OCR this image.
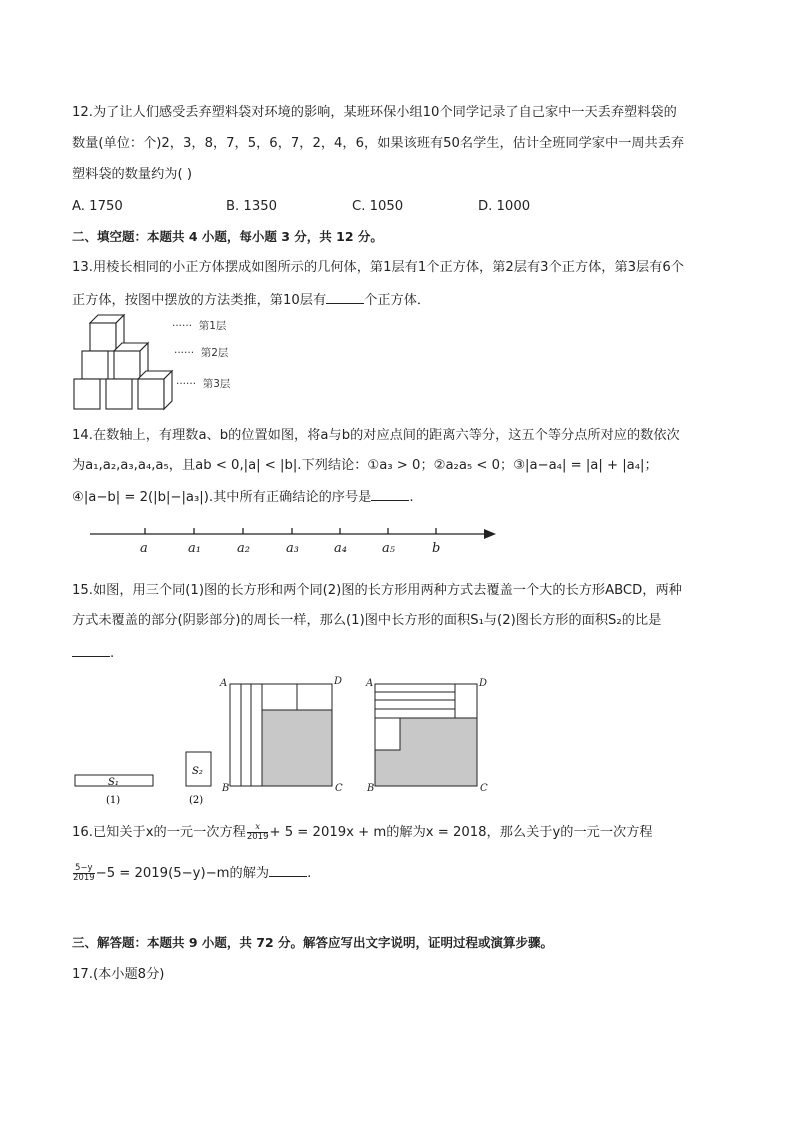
12.为了让人们感受丢弃塑料袋对环境的影响，某班环保小组10个同学记录了自己家中一天丢弃塑料袋的
数量(单位：个)2，3，8，7，5，6，7，2，4，6，如果该班有50名学生，估计全班同学家中一周共丢弃
塑料袋的数量约为( )
A. 1750	B. 1350	C. 1050	D. 1000
二、填空题：本题共 4 小题，每小题 3 分，共 12 分。
13.用棱长相同的小正方体摆成如图所示的几何体，第1层有1个正方体，第2层有3个正方体，第3层有6个
正方体，按图中摆放的方法类推，第10层有	个正方体．
······ 第1层
······ 第2层
······ 第3层
14.在数轴上，有理数a、b的位置如图，将a与b的对应点间的距离六等分，这五个等分点所对应的数依次
为a₁,a₂,a₃,a₄,a₅，且ab < 0,|a| < |b|.下列结论：①a₃ > 0；②a₂a₅ < 0；③|a−a₄| = |a| + |a₄|；
④|a−b| = 2(|b|−|a₃|).其中所有正确结论的序号是	.
a	a₁	a₂	a₃	a₄	a₅	b
15.如图，用三个同(1)图的长方形和两个同(2)图的长方形用两种方式去覆盖一个大的长方形ABCD，两种
方式未覆盖的部分(阴影部分)的周长一样，那么(1)图中长方形的面积S₁与(2)图长方形的面积S₂的比是
.
S₁
(1)
S₂
(2)
A	D
B	C
A	D
B	C
16.已知关于x的一元一次方程 $\frac{x}{2019} + 5 = 2019x + m$的解为x = 2018，那么关于y的一元一次方程
$\frac{5-y}{2019} -5 = 2019(5-y)-m$的解为	.
三、解答题：本题共 9 小题，共 72 分。解答应写出文字说明，证明过程或演算步骤。
17.(本小题8分)
